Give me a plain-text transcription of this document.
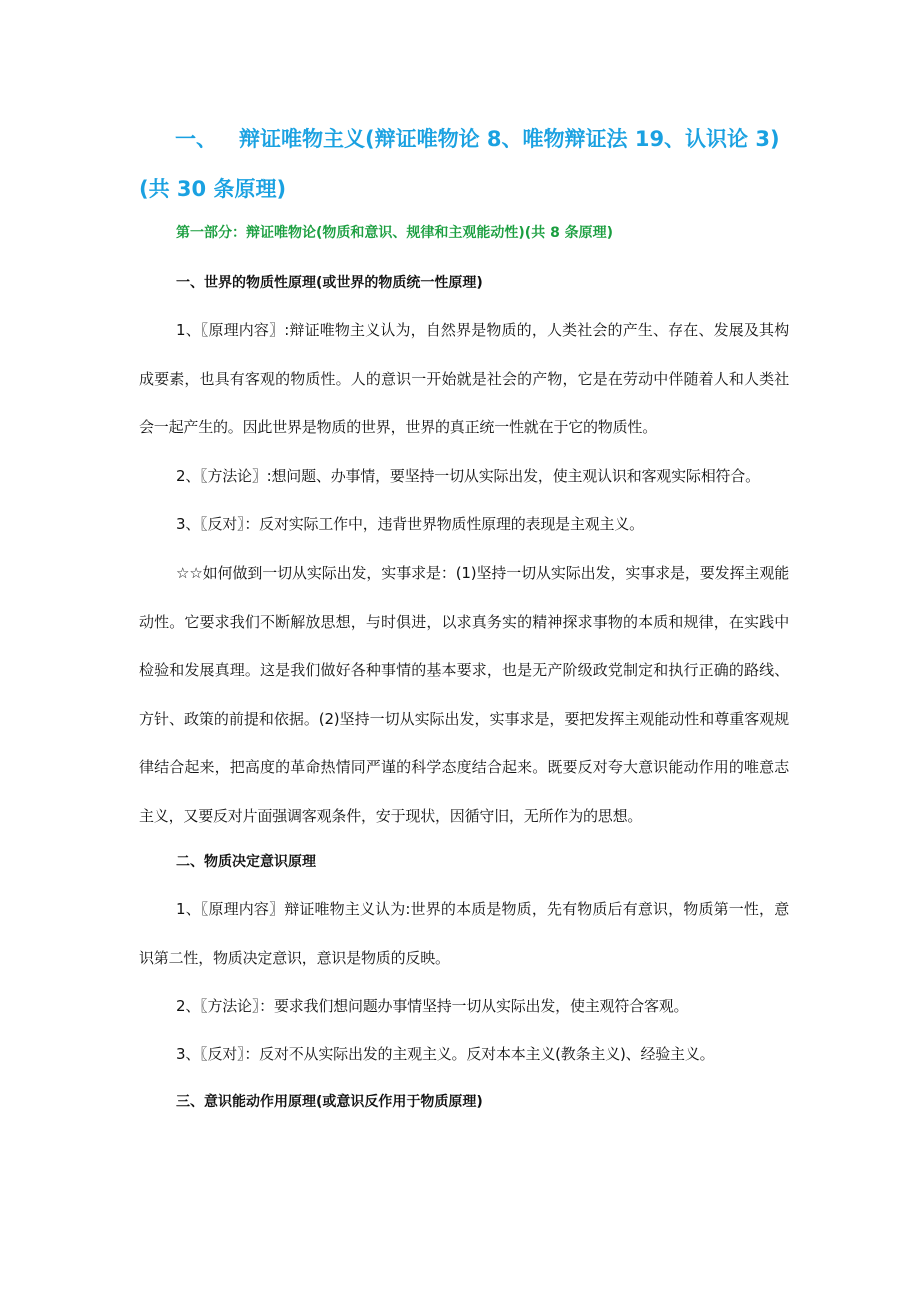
一、 辩证唯物主义(辩证唯物论 8、唯物辩证法 19、认识论 3)(共 30 条原理)
第一部分：辩证唯物论(物质和意识、规律和主观能动性)(共 8 条原理)
一、世界的物质性原理(或世界的物质统一性原理)
1、〖原理内容〗:辩证唯物主义认为，自然界是物质的，人类社会的产生、存在、发展及其构成要素，也具有客观的物质性。人的意识一开始就是社会的产物，它是在劳动中伴随着人和人类社会一起产生的。因此世界是物质的世界，世界的真正统一性就在于它的物质性。
2、〖方法论〗:想问题、办事情，要坚持一切从实际出发，使主观认识和客观实际相符合。
3、〖反对〗：反对实际工作中，违背世界物质性原理的表现是主观主义。
☆☆如何做到一切从实际出发，实事求是：(1)坚持一切从实际出发，实事求是，要发挥主观能动性。它要求我们不断解放思想，与时俱进，以求真务实的精神探求事物的本质和规律，在实践中检验和发展真理。这是我们做好各种事情的基本要求，也是无产阶级政党制定和执行正确的路线、方针、政策的前提和依据。(2)坚持一切从实际出发，实事求是，要把发挥主观能动性和尊重客观规律结合起来，把高度的革命热情同严谨的科学态度结合起来。既要反对夸大意识能动作用的唯意志主义，又要反对片面强调客观条件，安于现状，因循守旧，无所作为的思想。
二、物质决定意识原理
1、〖原理内容〗辩证唯物主义认为:世界的本质是物质，先有物质后有意识，物质第一性，意识第二性，物质决定意识，意识是物质的反映。
2、〖方法论〗：要求我们想问题办事情坚持一切从实际出发，使主观符合客观。
3、〖反对〗：反对不从实际出发的主观主义。反对本本主义(教条主义)、经验主义。
三、意识能动作用原理(或意识反作用于物质原理)
